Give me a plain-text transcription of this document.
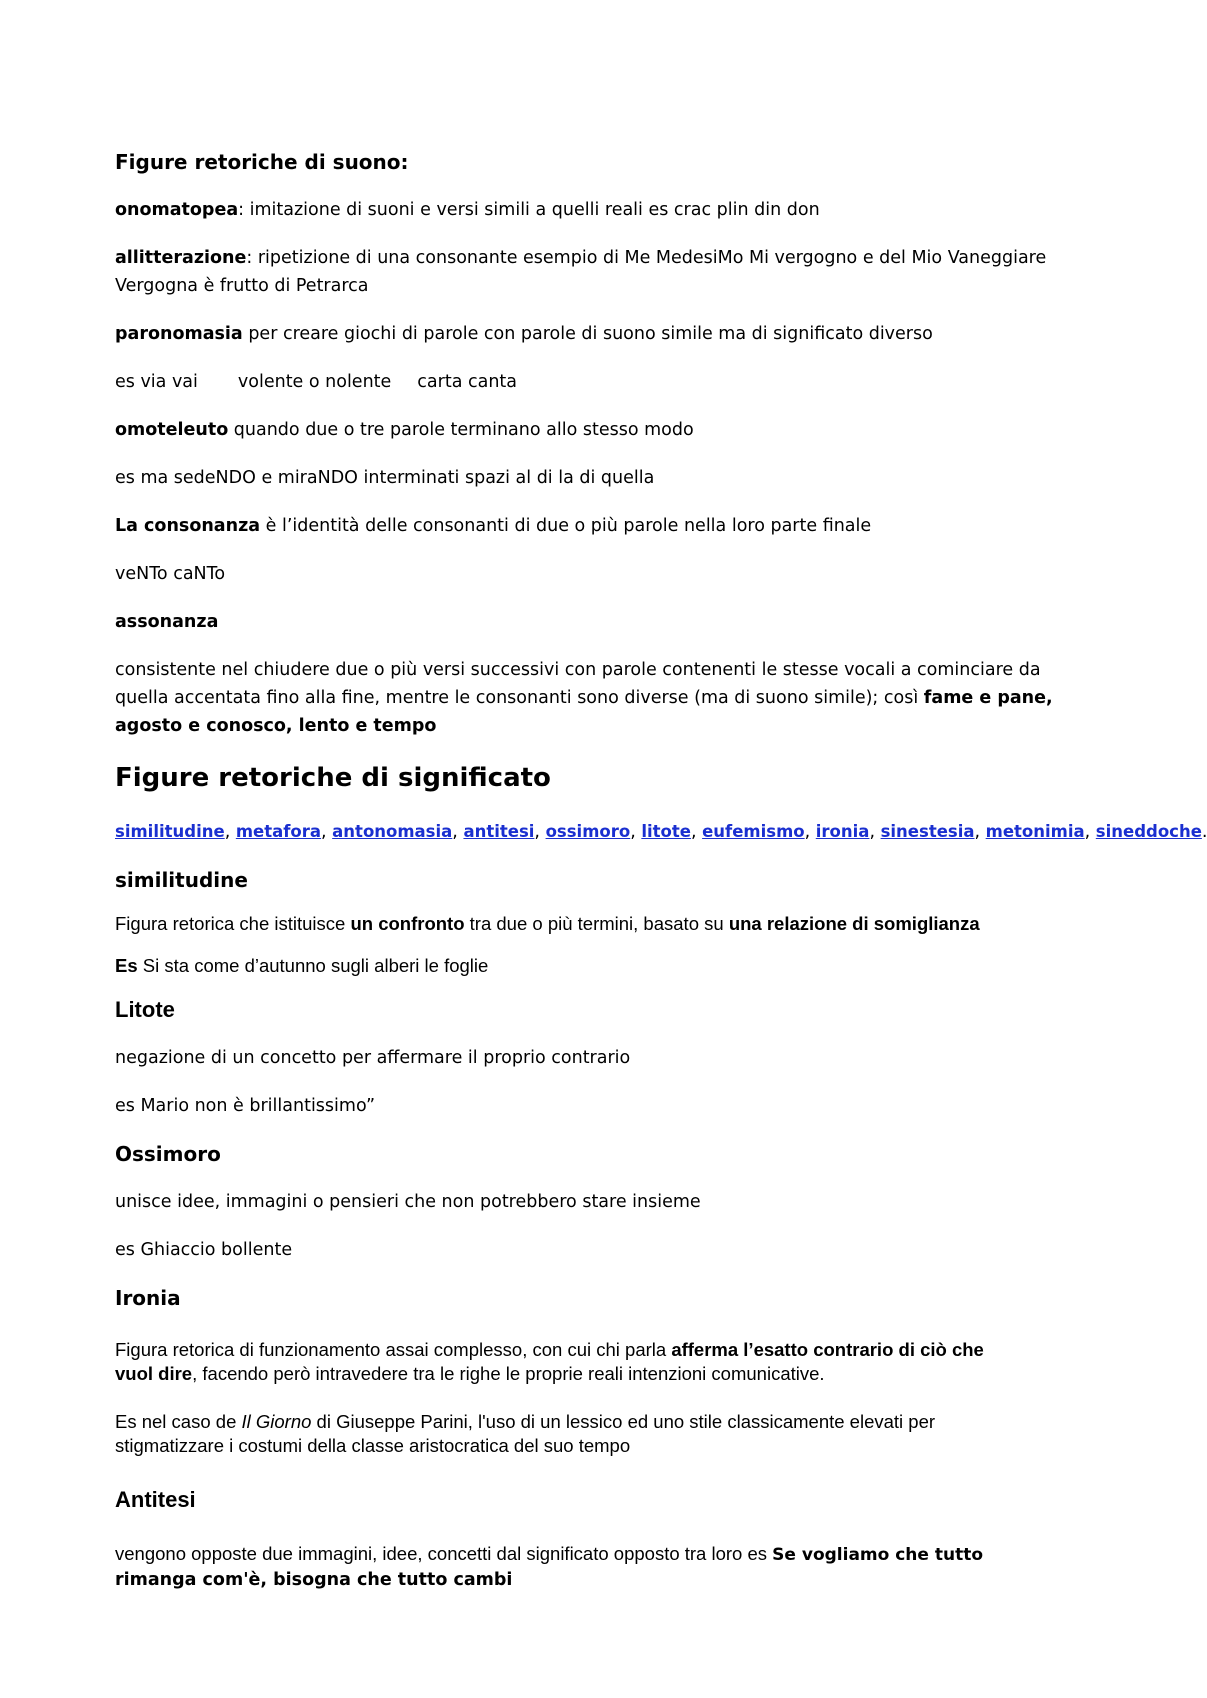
Figure retoriche di suono:
onomatopea: imitazione di suoni e versi simili a quelli reali es crac plin din don
allitterazione: ripetizione di una consonante esempio di Me MedesiMo Mi vergogno e del Mio Vaneggiare
Vergogna è frutto di Petrarca
paronomasia per creare giochi di parole con parole di suono simile ma di significato diverso
es via vai volente o nolente carta canta
omoteleuto quando due o tre parole terminano allo stesso modo
es ma sedeNDO e miraNDO interminati spazi al di la di quella
La consonanza è l’identità delle consonanti di due o più parole nella loro parte finale
veNTo caNTo
assonanza
consistente nel chiudere due o più versi successivi con parole contenenti le stesse vocali a cominciare da
quella accentata fino alla fine, mentre le consonanti sono diverse (ma di suono simile); così fame e pane,
agosto e conosco, lento e tempo
Figure retoriche di significato
similitudine, metafora, antonomasia, antitesi, ossimoro, litote, eufemismo, ironia, sinestesia, metonimia, sineddoche.
similitudine
Figura retorica che istituisce un confronto tra due o più termini, basato su una relazione di somiglianza
Es Si sta come d’autunno sugli alberi le foglie
Litote
negazione di un concetto per affermare il proprio contrario
es Mario non è brillantissimo”
Ossimoro
unisce idee, immagini o pensieri che non potrebbero stare insieme
es Ghiaccio bollente
Ironia
Figura retorica di funzionamento assai complesso, con cui chi parla afferma l’esatto contrario di ciò che
vuol dire, facendo però intravedere tra le righe le proprie reali intenzioni comunicative.
Es nel caso de Il Giorno di Giuseppe Parini, l'uso di un lessico ed uno stile classicamente elevati per
stigmatizzare i costumi della classe aristocratica del suo tempo
Antitesi
vengono opposte due immagini, idee, concetti dal significato opposto tra loro es Se vogliamo che tutto
rimanga com'è, bisogna che tutto cambi
